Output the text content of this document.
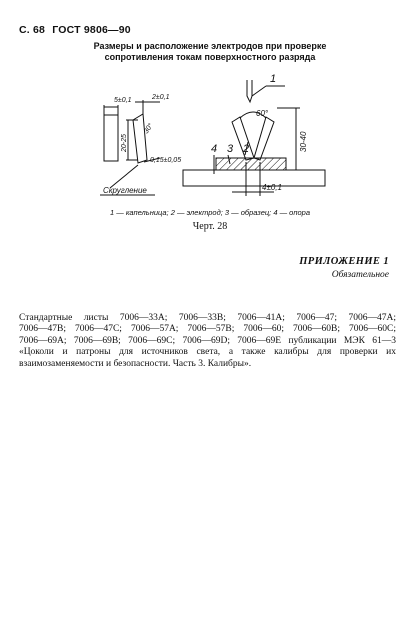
С. 68 ГОСТ 9806—90
Размеры и расположение электродов при проверке
сопротивления токам поверхностного разряда
5±0,1	2±0,1
20-25
30°
0,15±0,05
Скругление
1
2
3
4
60°
30-40
4±0,1
1 — капельница; 2 — электрод; 3 — образец; 4 — опора
Черт. 28
ПРИЛОЖЕНИЕ 1
Обязательное
Стандартные листы 7006—33А; 7006—33В; 7006—41А; 7006—47; 7006—47А;
7006—47В; 7006—47С; 7006—57А; 7006—57В; 7006—60; 7006—60В; 7006—60С;
7006—69А; 7006—69В; 7006—69С; 7006—69D; 7006—69Е публикации МЭК 61—3
«Цоколи и патроны для источников света, а также калибры для проверки их
взаимозаменяемости и безопасности. Часть 3. Калибры».
